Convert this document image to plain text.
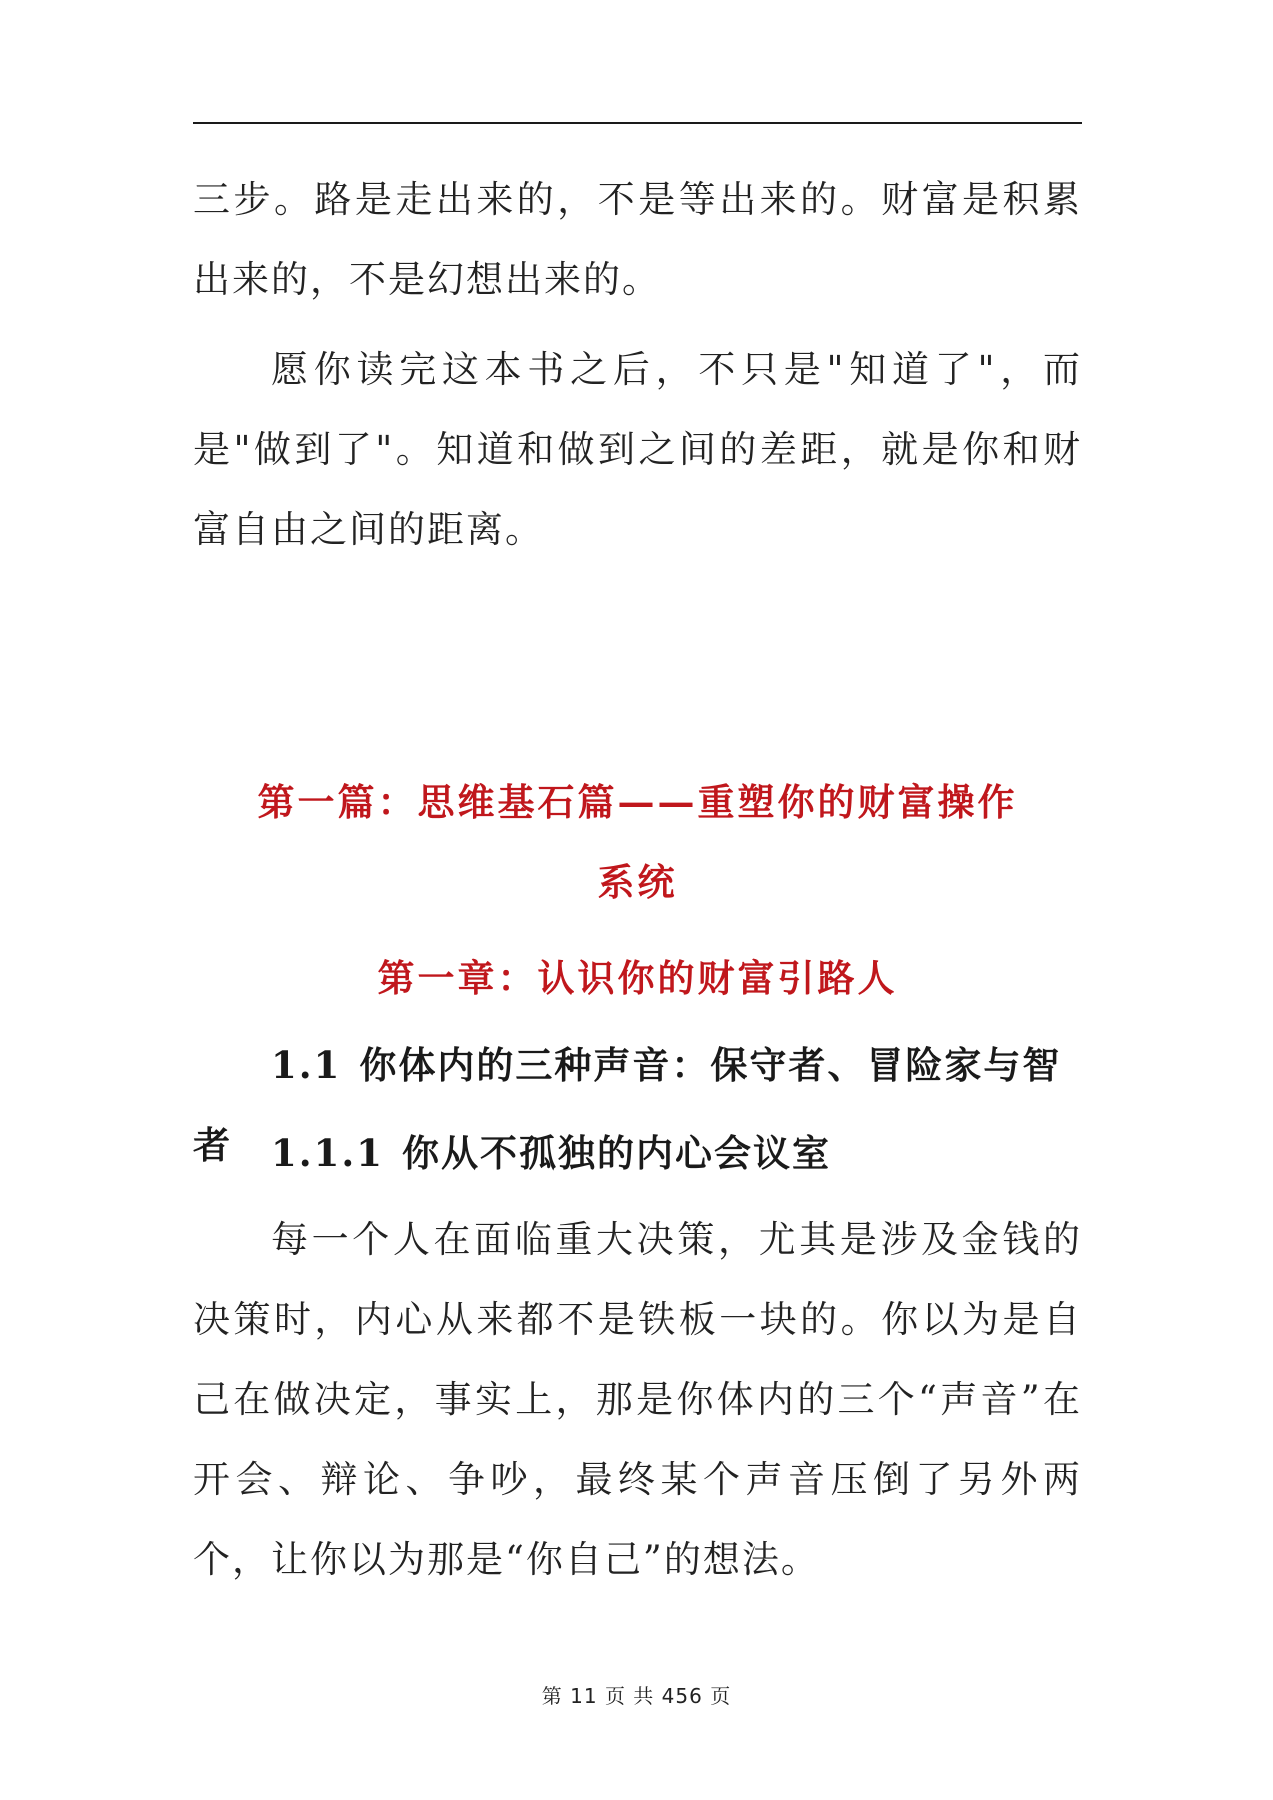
三步。路是走出来的，不是等出来的。财富是积累出来的，不是幻想出来的。
愿你读完这本书之后，不只是"知道了"，而是"做到了"。知道和做到之间的差距，就是你和财富自由之间的距离。
第一篇：思维基石篇——重塑你的财富操作系统
第一章：认识你的财富引路人
1.1 你体内的三种声音：保守者、冒险家与智者	1.1.1 你从不孤独的内心会议室
每一个人在面临重大决策，尤其是涉及金钱的决策时，内心从来都不是铁板一块的。你以为是自己在做决定，事实上，那是你体内的三个“声音”在开会、辩论、争吵，最终某个声音压倒了另外两个，让你以为那是“你自己”的想法。
第 11 页 共 456 页
